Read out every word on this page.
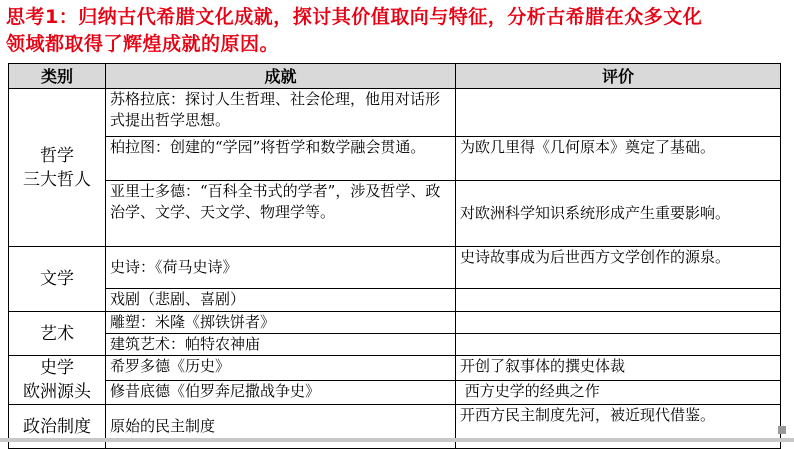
思考1：归纳古代希腊文化成就，探讨其价值取向与特征，分析古希腊在众多文化
领域都取得了辉煌成就的原因。
类别	成就	评价

哲学
三大哲人	苏格拉底：探讨人生哲理、社会伦理，他用对话形式提出哲学思想。	
	柏拉图：创建的“学园”将哲学和数学融会贯通。	为欧几里得《几何原本》奠定了基础。
	亚里士多德：“百科全书式的学者”，涉及哲学、政治学、文学、天文学、物理学等。	对欧洲科学知识系统形成产生重要影响。

文学	史诗：《荷马史诗》	史诗故事成为后世西方文学创作的源泉。
	戏剧（悲剧、喜剧）	

艺术	雕塑：米隆《掷铁饼者》	
	建筑艺术：帕特农神庙	

史学
欧洲源头	希罗多德《历史》	开创了叙事体的撰史体裁
	修昔底德《伯罗奔尼撒战争史》	西方史学的经典之作

政治制度	原始的民主制度	开西方民主制度先河，被近现代借鉴。
